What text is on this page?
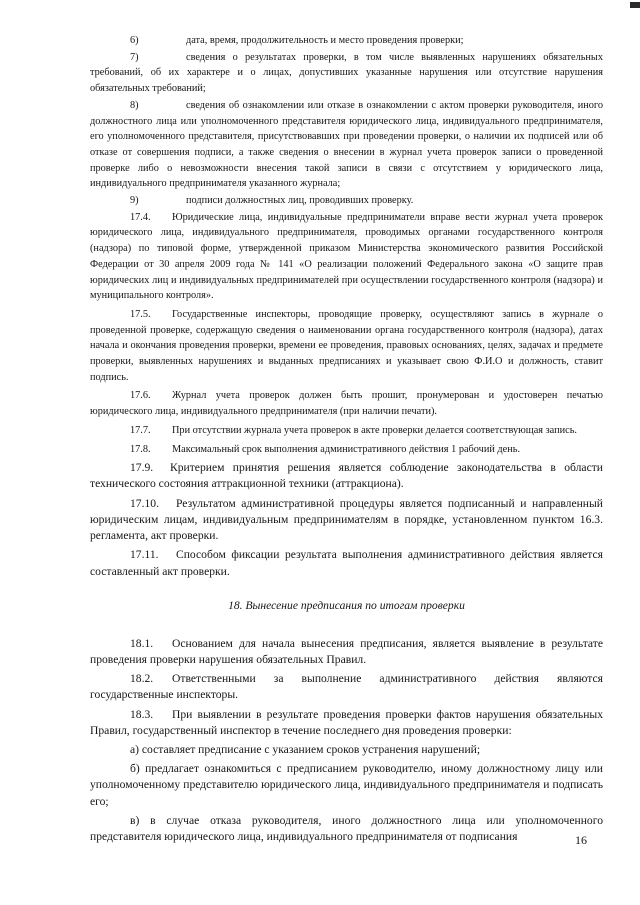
6)	дата, время, продолжительность и место проведения проверки;

7)	сведения о результатах проверки, в том числе выявленных нарушениях обязательных требований, об их характере и о лицах, допустивших указанные нарушения или отсутствие нарушения обязательных требований;

8)	сведения об ознакомлении или отказе в ознакомлении с актом проверки руководителя, иного должностного лица или уполномоченного представителя юридического лица, индивидуального предпринимателя, его уполномоченного представителя, присутствовавших при проведении проверки, о наличии их подписей или об отказе от совершения подписи, а также сведения о внесении в журнал учета проверок записи о проведенной проверке либо о невозможности внесения такой записи в связи с отсутствием у юридического лица, индивидуального предпринимателя указанного журнала;

9)	подписи должностных лиц, проводивших проверку.

17.4. Юридические лица, индивидуальные предприниматели вправе вести журнал учета проверок юридического лица, индивидуального предпринимателя, проводимых органами государственного контроля (надзора) по типовой форме, утвержденной приказом Министерства экономического развития Российской Федерации от 30 апреля 2009 года № 141 «О реализации положений Федерального закона «О защите прав юридических лиц и индивидуальных предпринимателей при осуществлении государственного контроля (надзора) и муниципального контроля».

17.5. Государственные инспекторы, проводящие проверку, осуществляют запись в журнале о проведенной проверке, содержащую сведения о наименовании органа государственного контроля (надзора), датах начала и окончания проведения проверки, времени ее проведения, правовых основаниях, целях, задачах и предмете проверки, выявленных нарушениях и выданных предписаниях и указывает свою Ф.И.О и должность, ставит подпись.

17.6. Журнал учета проверок должен быть прошит, пронумерован и удостоверен печатью юридического лица, индивидуального предпринимателя (при наличии печати).

17.7. При отсутствии журнала учета проверок в акте проверки делается соответствующая запись.

17.8. Максимальный срок выполнения административного действия 1 рабочий день.

17.9. Критерием принятия решения является соблюдение законодательства в области технического состояния аттракционной техники (аттракциона).

17.10. Результатом административной процедуры является подписанный и направленный юридическим лицам, индивидуальным предпринимателям в порядке, установленном пунктом 16.3. регламента, акт проверки.

17.11. Способом фиксации результата выполнения административного действия является составленный акт проверки.

18. Вынесение предписания по итогам проверки

18.1. Основанием для начала вынесения предписания, является выявление в результате проведения проверки нарушения обязательных Правил.

18.2. Ответственными за выполнение административного действия являются государственные инспекторы.

18.3. При выявлении в результате проведения проверки фактов нарушения обязательных Правил, государственный инспектор в течение последнего дня проведения проверки:

а) составляет предписание с указанием сроков устранения нарушений;

б) предлагает ознакомиться с предписанием руководителю, иному должностному лицу или уполномоченному представителю юридического лица, индивидуального предпринимателя и подписать его;

в) в случае отказа руководителя, иного должностного лица или уполномоченного представителя юридического лица, индивидуального предпринимателя от подписания	16
